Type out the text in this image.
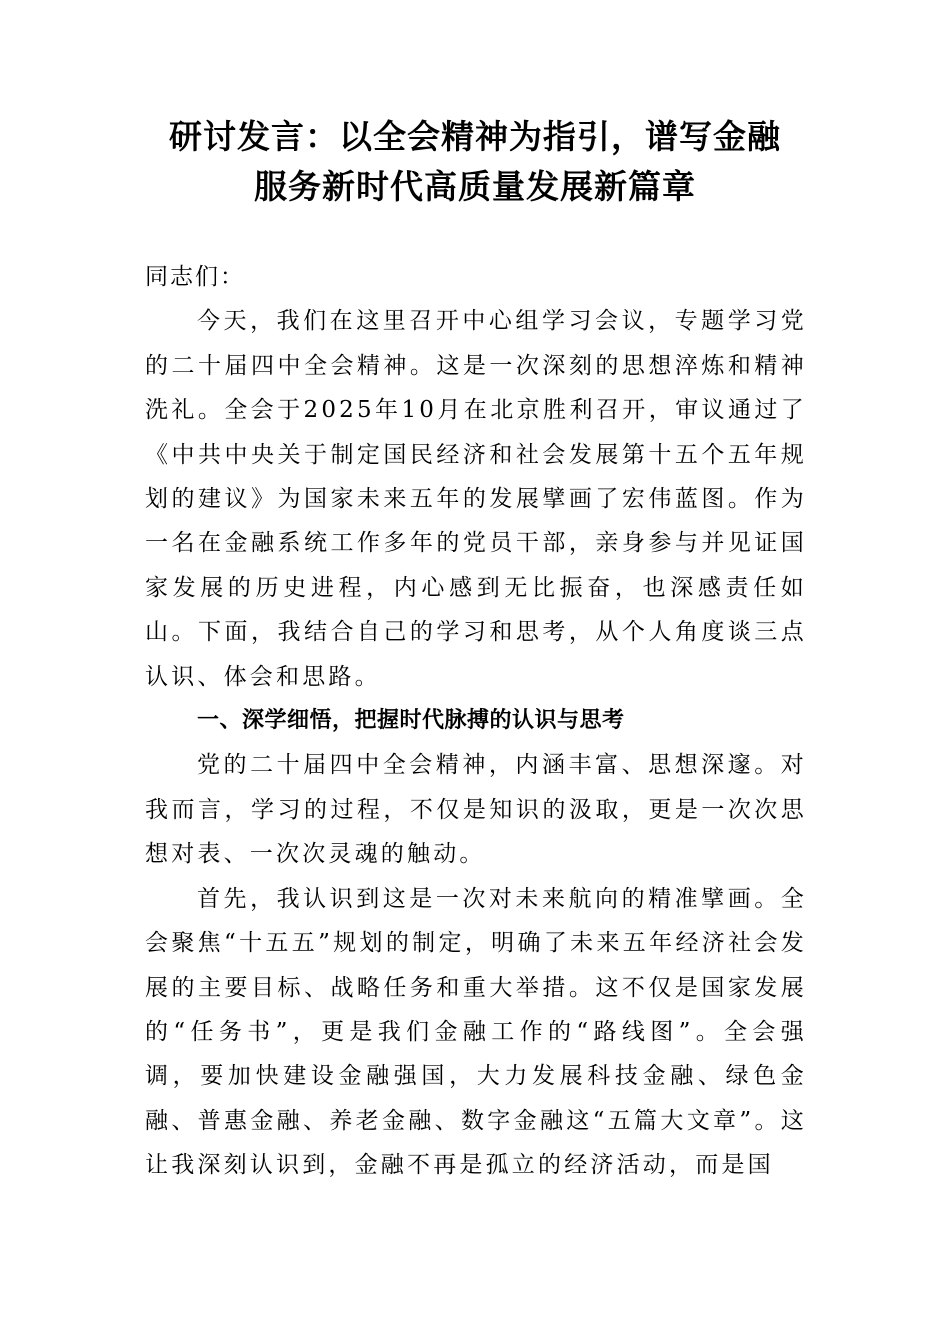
研讨发言：以全会精神为指引，谱写金融
服务新时代高质量发展新篇章

同志们：

今天，我们在这里召开中心组学习会议，专题学习党的二十届四中全会精神。这是一次深刻的思想淬炼和精神洗礼。全会于2025年10月在北京胜利召开，审议通过了《中共中央关于制定国民经济和社会发展第十五个五年规划的建议》为国家未来五年的发展擘画了宏伟蓝图。作为一名在金融系统工作多年的党员干部，亲身参与并见证国家发展的历史进程，内心感到无比振奋，也深感责任如山。下面，我结合自己的学习和思考，从个人角度谈三点认识、体会和思路。

一、深学细悟，把握时代脉搏的认识与思考

党的二十届四中全会精神，内涵丰富、思想深邃。对我而言，学习的过程，不仅是知识的汲取，更是一次次思想对表、一次次灵魂的触动。

首先，我认识到这是一次对未来航向的精准擘画。全会聚焦“十五五”规划的制定，明确了未来五年经济社会发展的主要目标、战略任务和重大举措。这不仅是国家发展的“任务书”，更是我们金融工作的“路线图”。全会强调，要加快建设金融强国，大力发展科技金融、绿色金融、普惠金融、养老金融、数字金融这“五篇大文章”。这让我深刻认识到，金融不再是孤立的经济活动，而是国
